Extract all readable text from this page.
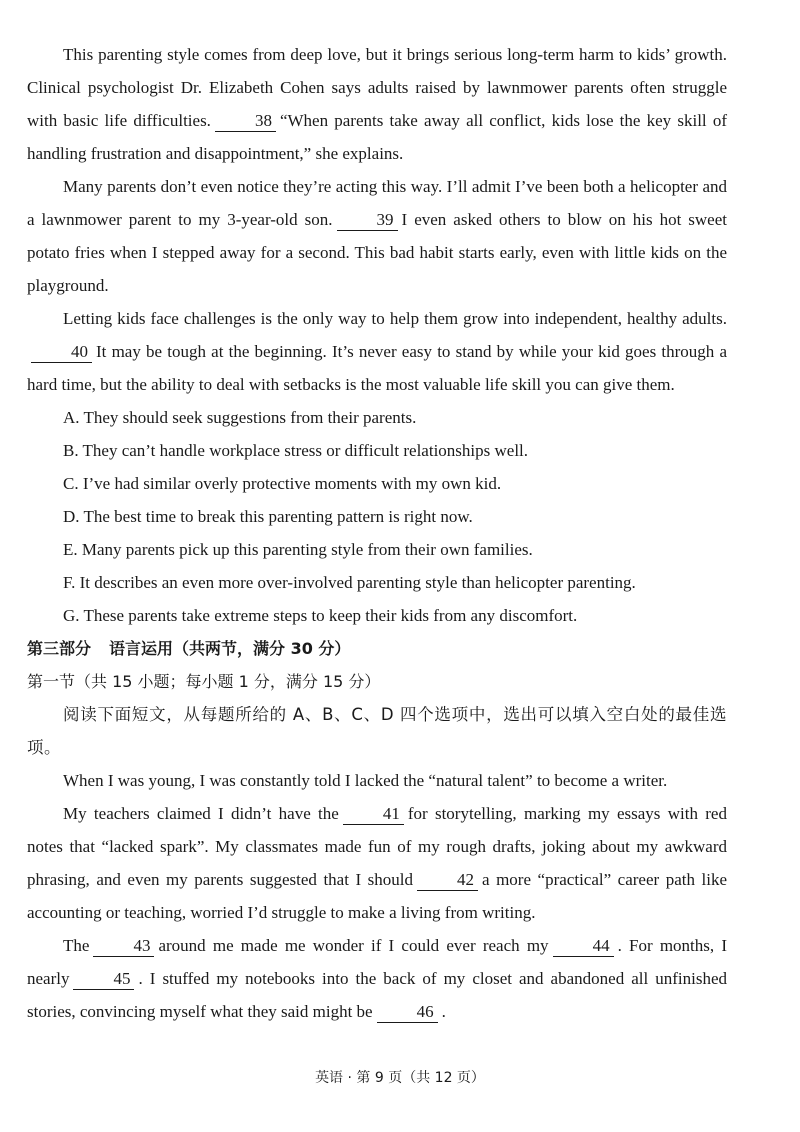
This parenting style comes from deep love, but it brings serious long-term harm to kids’ growth. Clinical psychologist Dr. Elizabeth Cohen says adults raised by lawnmower parents often struggle with basic life difficulties.	38 “When parents take away all conflict, kids lose the key skill of handling frustration and disappointment,” she explains.

Many parents don’t even notice they’re acting this way. I’ll admit I’ve been both a helicopter and a lawnmower parent to my 3-year-old son.	39 I even asked others to blow on his hot sweet potato fries when I stepped away for a second. This bad habit starts early, even with little kids on the playground.

Letting kids face challenges is the only way to help them grow into independent, healthy adults.40 It may be tough at the beginning. It’s never easy to stand by while your kid goes through a hard time, but the ability to deal with setbacks is the most valuable life skill you can give them.

A. They should seek suggestions from their parents.
B. They can’t handle workplace stress or difficult relationships well.
C. I’ve had similar overly protective moments with my own kid.
D. The best time to break this parenting pattern is right now.
E. Many parents pick up this parenting style from their own families.
F. It describes an even more over-involved parenting style than helicopter parenting.
G. These parents take extreme steps to keep their kids from any discomfort.
第三部分 语言运用（共两节，满分 30 分）
第一节（共 15 小题；每小题 1 分，满分 15 分）

阅读下面短文，从每题所给的 A、B、C、D 四个选项中，选出可以填入空白处的最佳选项。

When I was young, I was constantly told I lacked the “natural talent” to become a writer.

My teachers claimed I didn’t have the	41 for storytelling, marking my essays with red notes that “lacked spark”. My classmates made fun of my rough drafts, joking about my awkward phrasing, and even my parents suggested that I should	42 a more “practical” career path like accounting or teaching, worried I’d struggle to make a living from writing.

The	43 around me made me wonder if I could ever reach my	44 . For months, I nearly	45 . I stuffed my notebooks into the back of my closet and abandoned all unfinished stories, convincing myself what they said might be	46 .

英语 · 第 9 页（共 12 页）
